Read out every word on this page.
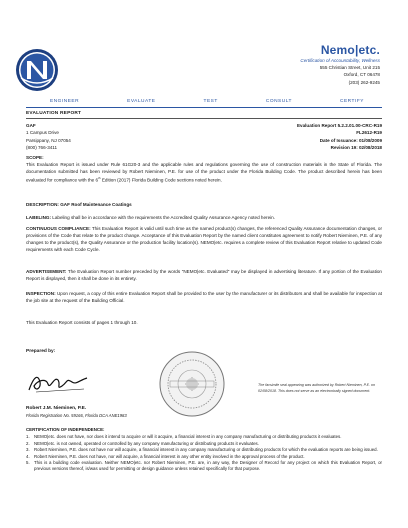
Nemo|etc.
Certification of Accountability, Wellness
555 Christian Street, Unit 215
Oxford, CT 06478
(203) 262-9245
ENGINEER	EVALUATE	TEST	CONSULT	CERTIFY
EVALUATION REPORT
GAF
1 Campus Drive
Parsippany, NJ 07054
(800) 766-3411
Evaluation Report 5.2.2.01.00-CRC-R19
FL2612-R19
Date of Issuance: 01/08/2009
Revision 19: 02/08/2018
SCOPE:
This Evaluation Report is issued under Rule 61G20-3 and the applicable rules and regulations governing the use of construction materials in the State of Florida. The documentation submitted has been reviewed by Robert Nieminen, P.E. for use of the product under the Florida Building Code. The product described herein has been evaluated for compliance with the 6th Edition (2017) Florida Building Code sections noted herein.
DESCRIPTION: GAF Roof Maintenance Coatings
LABELING: Labeling shall be in accordance with the requirements the Accredited Quality Assurance Agency noted herein.
CONTINUOUS COMPLIANCE: This Evaluation Report is valid until such time as the named product(s) changes, the referenced Quality Assurance documentation changes, or provisions of the Code that relate to the product change. Acceptance of this Evaluation Report by the named client constitutes agreement to notify Robert Nieminen, P.E. of any changes to the product(s), the Quality Assurance or the production facility location(s). NEMO|etc. requires a complete review of this Evaluation Report relative to updated Code requirements with each Code Cycle.
ADVERTISEMENT: The Evaluation Report number preceded by the words "NEMO|etc. Evaluated" may be displayed in advertising literature. If any portion of the Evaluation Report is displayed, then it shall be done in its entirety.
INSPECTION: Upon request, a copy of this entire Evaluation Report shall be provided to the user by the manufacturer or its distributors and shall be available for inspection at the job site at the request of the Building Official.
This Evaluation Report consists of pages 1 through 10.
Prepared by:
Robert J.M. Nieminen, P.E.
Florida Registration No. 59166, Florida DCA ANE1983
The facsimile seal appearing was authorized by Robert Nieminen, P.E. on 02/08/2018. This does not serve as an electronically signed document.
CERTIFICATION OF INDEPENDENCE:
1. NEMO|etc. does not have, nor does it intend to acquire or will it acquire, a financial interest in any company manufacturing or distributing products it evaluates.
2. NEMO|etc. is not owned, operated or controlled by any company manufacturing or distributing products it evaluates.
3. Robert Nieminen, P.E. does not have nor will acquire, a financial interest in any company manufacturing or distributing products for which the evaluation reports are being issued.
4. Robert Nieminen, P.E. does not have, nor will acquire, a financial interest in any other entity involved in the approval process of the product.
5. This is a building code evaluation. Neither NEMO|etc. nor Robert Nieminen, P.E. are, in any way, the Designer of Record for any project on which this Evaluation Report, or previous versions thereof, is/was used for permitting or design guidance unless retained specifically for that purpose.
